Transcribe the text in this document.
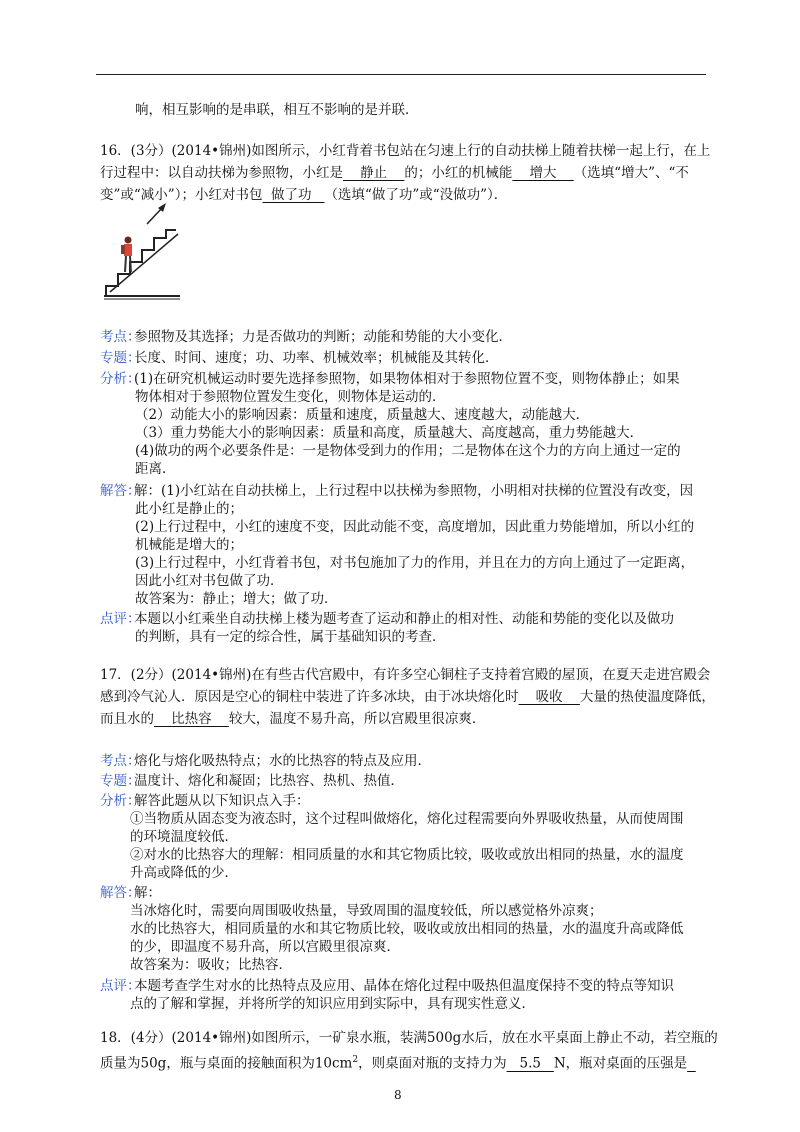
响，相互影响的是串联，相互不影响的是并联．
16．(3分）(2014•锦州)如图所示，小红背着书包站在匀速上行的自动扶梯上随着扶梯一起上行，在上
行过程中：以自动扶梯为参照物，小红是    静止    的；小红的机械能    增大    （选填“增大”、“不
变”或“减小”）；小红对书包  做了功   （选填“做了功”或“没做功”）．
考点：参照物及其选择；力是否做功的判断；动能和势能的大小变化．
专题：长度、时间、速度；功、功率、机械效率；机械能及其转化．
分析：(1)在研究机械运动时要先选择参照物，如果物体相对于参照物位置不变，则物体静止；如果
物体相对于参照物位置发生变化，则物体是运动的．
（2）动能大小的影响因素：质量和速度，质量越大、速度越大，动能越大．
（3）重力势能大小的影响因素：质量和高度，质量越大、高度越高，重力势能越大．
(4)做功的两个必要条件是：一是物体受到力的作用；二是物体在这个力的方向上通过一定的
距离．
解答：解：(1)小红站在自动扶梯上，上行过程中以扶梯为参照物，小明相对扶梯的位置没有改变，因
此小红是静止的；
(2)上行过程中，小红的速度不变，因此动能不变，高度增加，因此重力势能增加，所以小红的
机械能是增大的；
(3)上行过程中，小红背着书包，对书包施加了力的作用，并且在力的方向上通过了一定距离，
因此小红对书包做了功．
故答案为：静止；增大；做了功．
点评：本题以小红乘坐自动扶梯上楼为题考查了运动和静止的相对性、动能和势能的变化以及做功
的判断，具有一定的综合性，属于基础知识的考查．
17．(2分）(2014•锦州)在有些古代宫殿中，有许多空心铜柱子支持着宫殿的屋顶，在夏天走进宫殿会
感到冷气沁人．原因是空心的铜柱中装进了许多冰块，由于冰块熔化时    吸收    大量的热使温度降低，
而且水的    比热容    较大，温度不易升高，所以宫殿里很凉爽．
考点：熔化与熔化吸热特点；水的比热容的特点及应用．
专题：温度计、熔化和凝固；比热容、热机、热值．
分析：解答此题从以下知识点入手：
①当物质从固态变为液态时，这个过程叫做熔化，熔化过程需要向外界吸收热量，从而使周围
的环境温度较低．
②对水的比热容大的理解：相同质量的水和其它物质比较，吸收或放出相同的热量，水的温度
升高或降低的少．
解答：解：
当冰熔化时，需要向周围吸收热量，导致周围的温度较低，所以感觉格外凉爽；
水的比热容大，相同质量的水和其它物质比较，吸收或放出相同的热量，水的温度升高或降低
的少，即温度不易升高，所以宫殿里很凉爽．
故答案为：吸收；比热容．
点评：本题考查学生对水的比热特点及应用、晶体在熔化过程中吸热但温度保持不变的特点等知识
点的了解和掌握，并将所学的知识应用到实际中，具有现实性意义．
18．(4分）(2014•锦州)如图所示，一矿泉水瓶，装满500g水后，放在水平桌面上静止不动，若空瓶的
质量为50g，瓶与桌面的接触面积为$10cm^2$，则桌面对瓶的支持力为   5.5   N，瓶对桌面的压强是
8
